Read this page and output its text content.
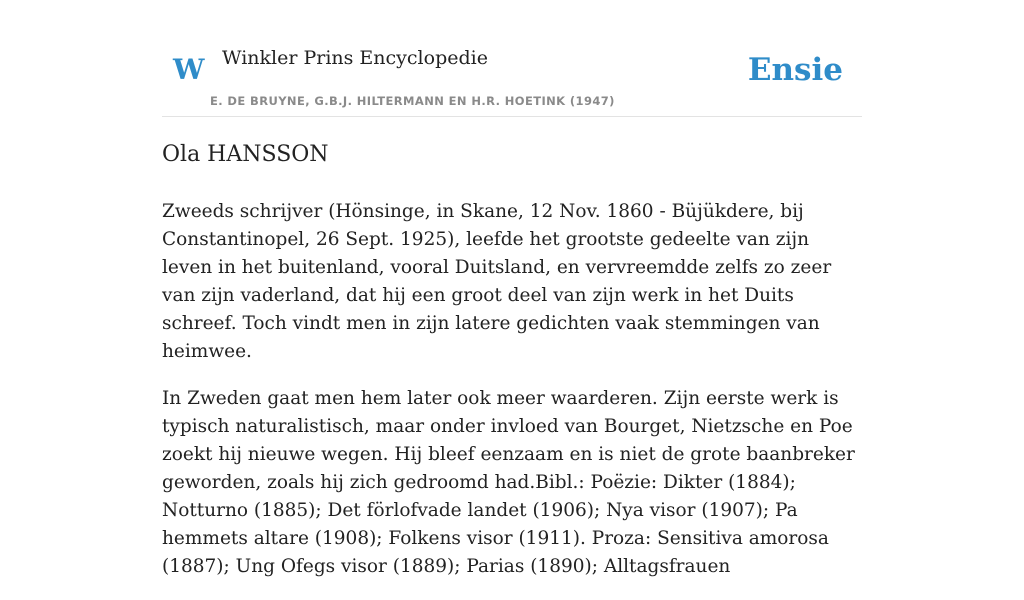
W Winkler Prins Encyclopedie
E. DE BRUYNE, G.B.J. HILTERMANN EN H.R. HOETINK (1947)
Ensie
Ola HANSSON

Zweeds schrijver (Hönsinge, in Skane, 12 Nov. 1860 - Büjükdere, bij Constantinopel, 26 Sept. 1925), leefde het grootste gedeelte van zijn leven in het buitenland, vooral Duitsland, en vervreemdde zelfs zo zeer van zijn vaderland, dat hij een groot deel van zijn werk in het Duits schreef. Toch vindt men in zijn latere gedichten vaak stemmingen van heimwee.

In Zweden gaat men hem later ook meer waarderen. Zijn eerste werk is typisch naturalistisch, maar onder invloed van Bourget, Nietzsche en Poe zoekt hij nieuwe wegen. Hij bleef eenzaam en is niet de grote baanbreker geworden, zoals hij zich gedroomd had.Bibl.: Poëzie: Dikter (1884); Notturno (1885); Det förlofvade landet (1906); Nya visor (1907); Pa hemmets altare (1908); Folkens visor (1911). Proza: Sensitiva amorosa (1887); Ung Ofegs visor (1889); Parias (1890); Alltagsfrauen
